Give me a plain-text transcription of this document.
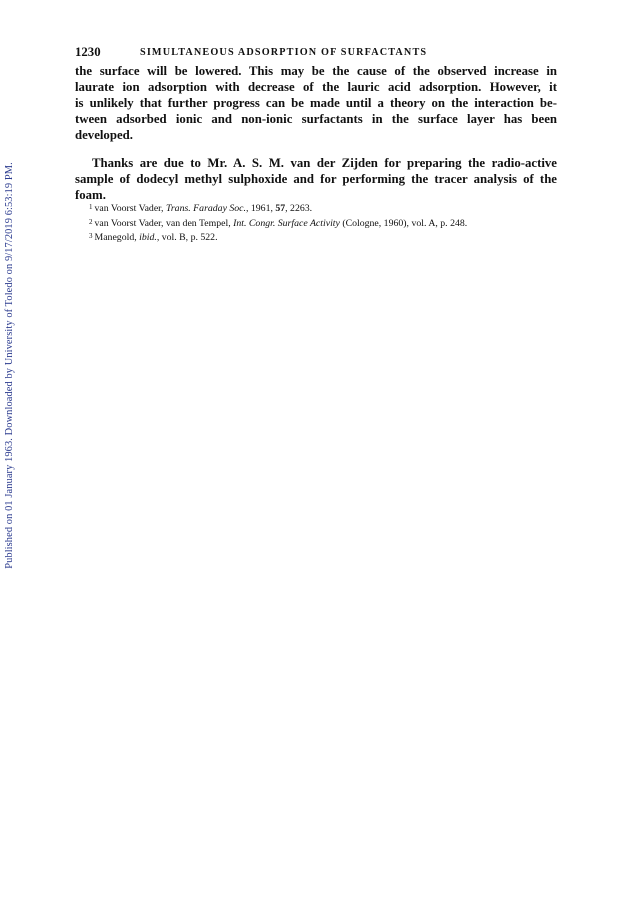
Published on 01 January 1963. Downloaded by University of Toledo on 9/17/2019 6:53:19 PM.
1230	SIMULTANEOUS ADSORPTION OF SURFACTANTS
the surface will be lowered. This may be the cause of the observed increase in
laurate ion adsorption with decrease of the lauric acid adsorption. However, it
is unlikely that further progress can be made until a theory on the interaction be-
tween adsorbed ionic and non-ionic surfactants in the surface layer has been
developed.
Thanks are due to Mr. A. S. M. van der Zijden for preparing the radio-active
sample of dodecyl methyl sulphoxide and for performing the tracer analysis of the
foam.
$^1$ van Voorst Vader, Trans. Faraday Soc., 1961, 57, 2263.
$^2$ van Voorst Vader, van den Tempel, Int. Congr. Surface Activity (Cologne, 1960), vol. A, p. 248.
$^3$ Manegold, ibid., vol. B, p. 522.
